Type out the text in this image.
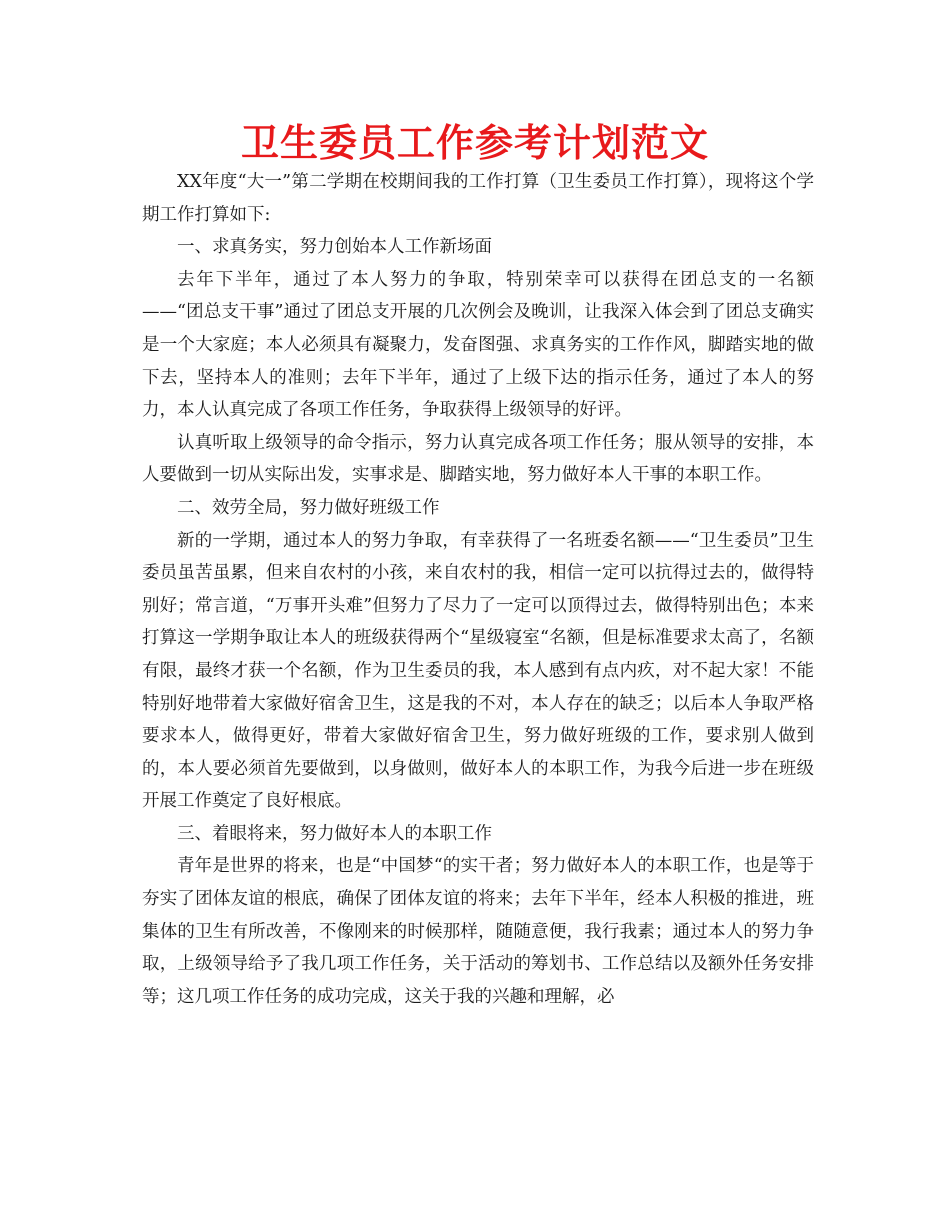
卫生委员工作参考计划范文

XX年度“大一”第二学期在校期间我的工作打算（卫生委员工作打算），现将这个学期工作打算如下:

一、求真务实，努力创始本人工作新场面

去年下半年，通过了本人努力的争取，特别荣幸可以获得在团总支的一名额——“团总支干事”通过了团总支开展的几次例会及晚训，让我深入体会到了团总支确实是一个大家庭；本人必须具有凝聚力，发奋图强、求真务实的工作作风，脚踏实地的做下去，坚持本人的准则；去年下半年，通过了上级下达的指示任务，通过了本人的努力，本人认真完成了各项工作任务，争取获得上级领导的好评。

认真听取上级领导的命令指示，努力认真完成各项工作任务；服从领导的安排，本人要做到一切从实际出发，实事求是、脚踏实地，努力做好本人干事的本职工作。

二、效劳全局，努力做好班级工作

新的一学期，通过本人的努力争取，有幸获得了一名班委名额——“卫生委员”卫生委员虽苦虽累，但来自农村的小孩，来自农村的我，相信一定可以抗得过去的，做得特别好；常言道，“万事开头难”但努力了尽力了一定可以顶得过去，做得特别出色；本来打算这一学期争取让本人的班级获得两个“星级寝室“名额，但是标准要求太高了，名额有限，最终才获一个名额，作为卫生委员的我，本人感到有点内疚，对不起大家！不能特别好地带着大家做好宿舍卫生，这是我的不对，本人存在的缺乏；以后本人争取严格要求本人，做得更好，带着大家做好宿舍卫生，努力做好班级的工作，要求别人做到的，本人要必须首先要做到，以身做则，做好本人的本职工作，为我今后进一步在班级开展工作奠定了良好根底。

三、着眼将来，努力做好本人的本职工作

青年是世界的将来，也是“中国梦“的实干者；努力做好本人的本职工作，也是等于夯实了团体友谊的根底，确保了团体友谊的将来；去年下半年，经本人积极的推进，班集体的卫生有所改善，不像刚来的时候那样，随随意便，我行我素；通过本人的努力争取，上级领导给予了我几项工作任务，关于活动的筹划书、工作总结以及额外任务安排等；这几项工作任务的成功完成，这关于我的兴趣和理解，必
